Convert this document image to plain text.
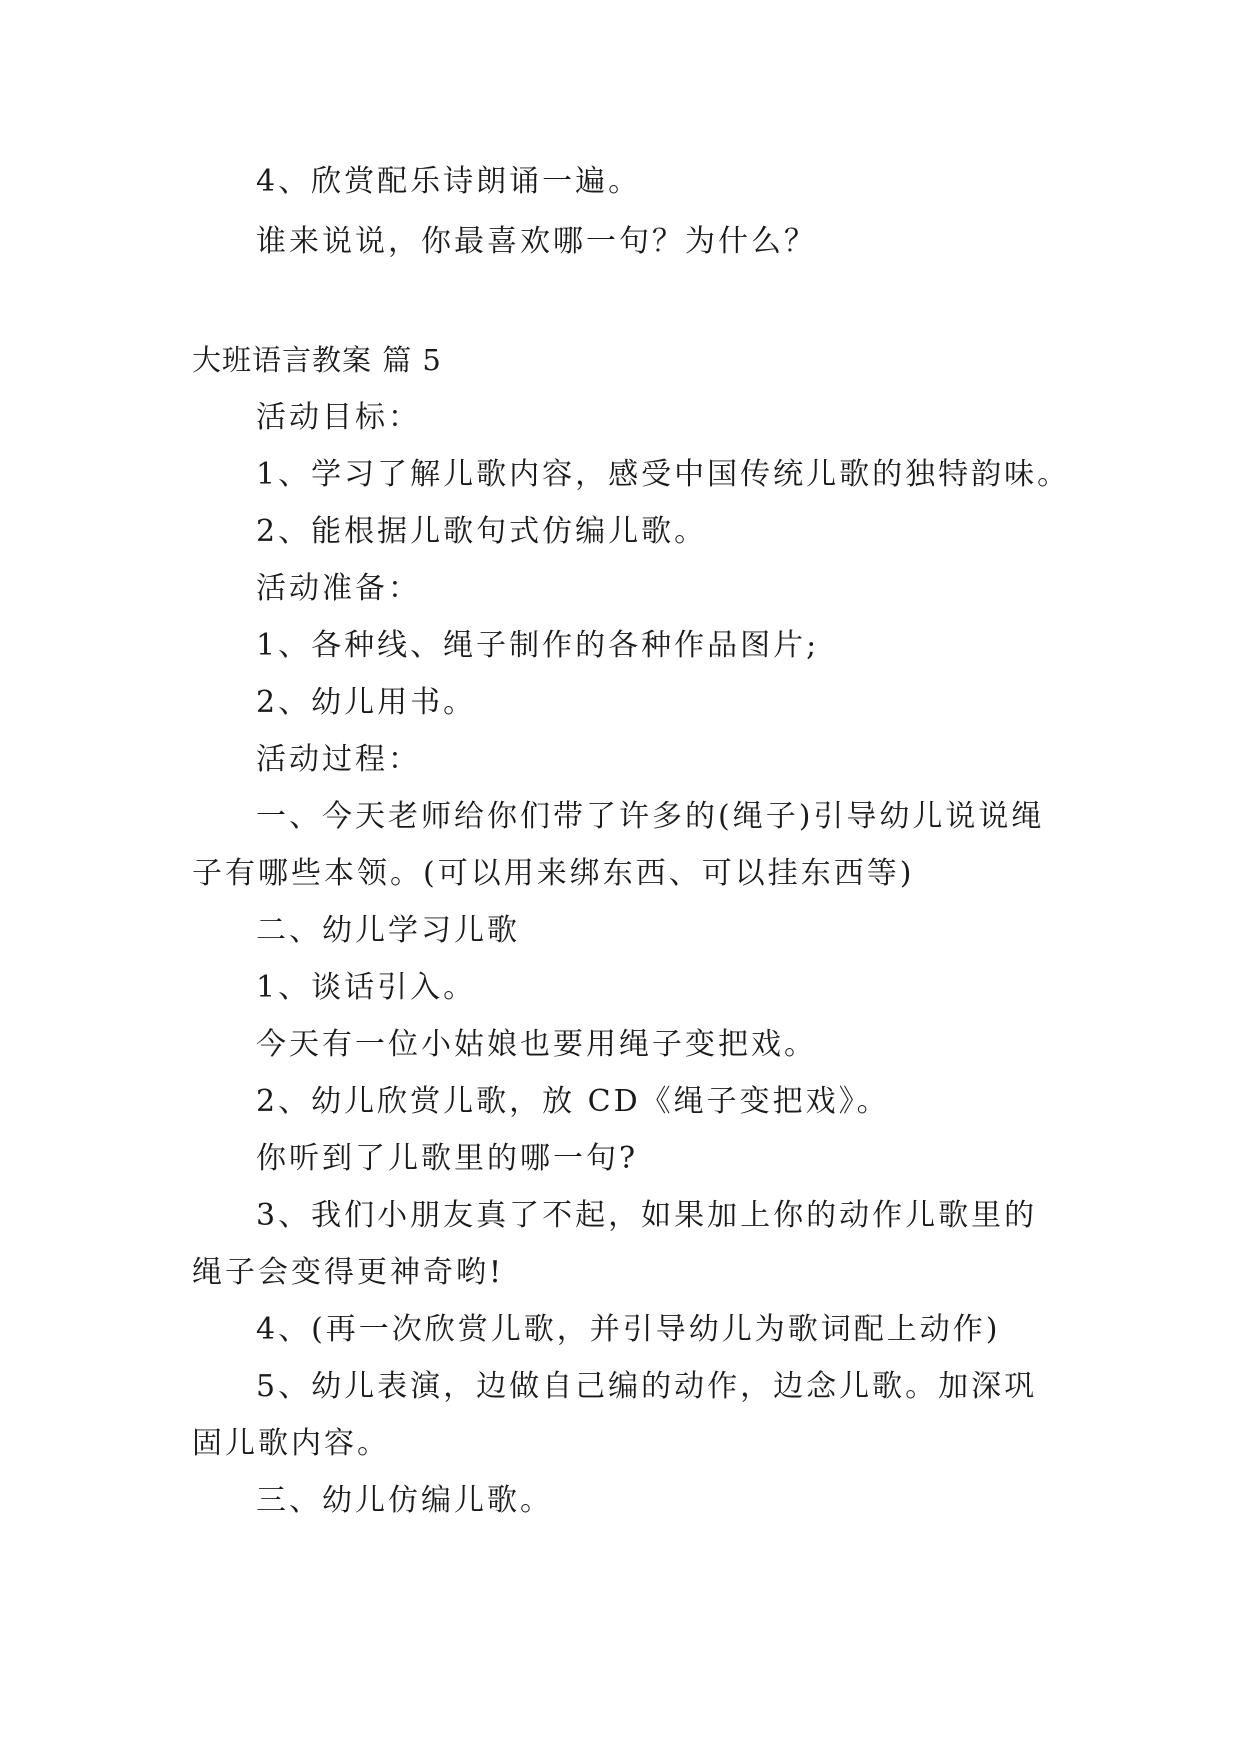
4、欣赏配乐诗朗诵一遍。
谁来说说，你最喜欢哪一句？为什么？
大班语言教案 篇 5
活动目标：
1、学习了解儿歌内容，感受中国传统儿歌的独特韵味。
2、能根据儿歌句式仿编儿歌。
活动准备：
1、各种线、绳子制作的各种作品图片;
2、幼儿用书。
活动过程：
一、今天老师给你们带了许多的(绳子)引导幼儿说说绳
子有哪些本领。(可以用来绑东西、可以挂东西等)
二、幼儿学习儿歌
1、谈话引入。
今天有一位小姑娘也要用绳子变把戏。
2、幼儿欣赏儿歌，放 CD《绳子变把戏》。
你听到了儿歌里的哪一句?
3、我们小朋友真了不起，如果加上你的动作儿歌里的
绳子会变得更神奇哟!
4、(再一次欣赏儿歌，并引导幼儿为歌词配上动作)
5、幼儿表演，边做自己编的动作，边念儿歌。加深巩
固儿歌内容。
三、幼儿仿编儿歌。
